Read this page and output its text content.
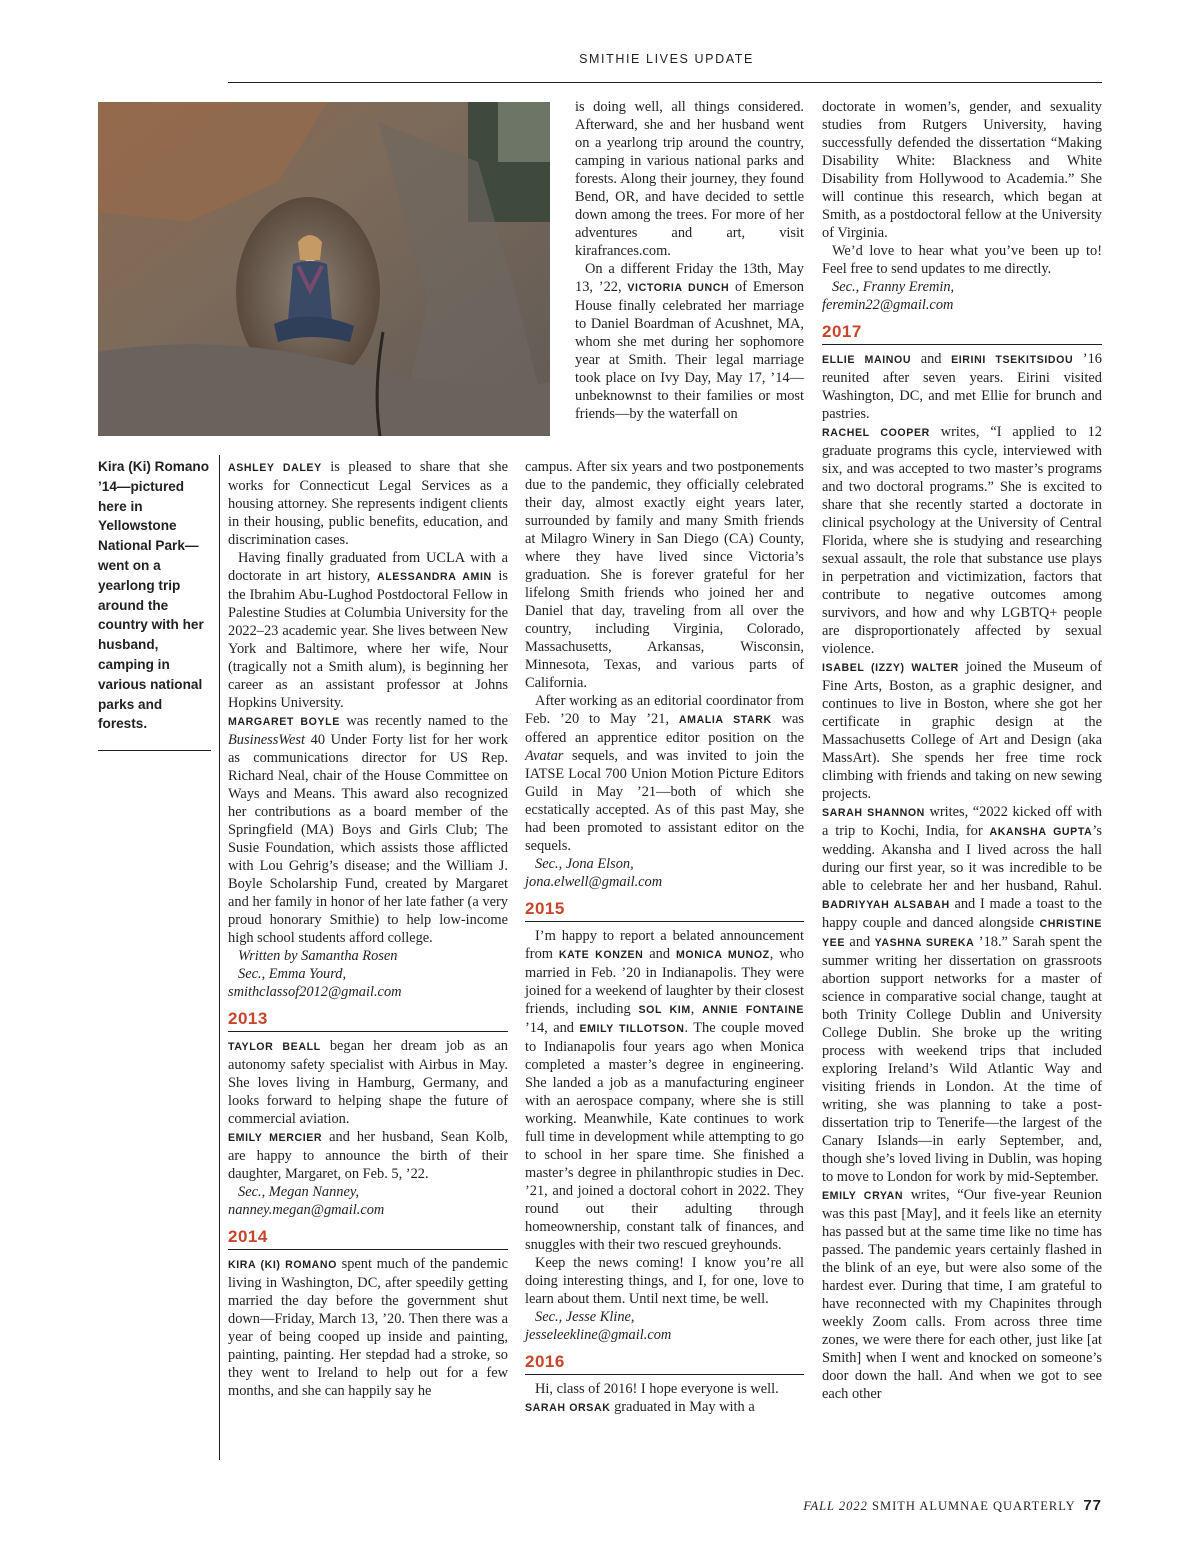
SMITHIE LIVES UPDATE
Kira (Ki) Romano ’14—pictured here in Yellowstone National Park—went on a yearlong trip around the country with her husband, camping in various national parks and forests.

ASHLEY DALEY is pleased to share that she works for Connecticut Legal Services as a housing attorney. She represents indigent clients in their housing, public benefits, education, and discrimination cases.

Having finally graduated from UCLA with a doctorate in art history, ALESSANDRA AMIN is the Ibrahim Abu-Lughod Postdoctoral Fellow in Palestine Studies at Columbia University for the 2022–23 academic year. She lives between New York and Baltimore, where her wife, Nour (tragically not a Smith alum), is beginning her career as an assistant professor at Johns Hopkins University.

MARGARET BOYLE was recently named to the BusinessWest 40 Under Forty list for her work as communications director for US Rep. Richard Neal, chair of the House Committee on Ways and Means. This award also recognized her contributions as a board member of the Springfield (MA) Boys and Girls Club; The Susie Foundation, which assists those afflicted with Lou Gehrig’s disease; and the William J. Boyle Scholarship Fund, created by Margaret and her family in honor of her late father (a very proud honorary Smithie) to help low-income high school students afford college.

Written by Samantha Rosen

Sec., Emma Yourd,

smithclassof2012@gmail.com

2013

TAYLOR BEALL began her dream job as an autonomy safety specialist with Airbus in May. She loves living in Hamburg, Germany, and looks forward to helping shape the future of commercial aviation.

EMILY MERCIER and her husband, Sean Kolb, are happy to announce the birth of their daughter, Margaret, on Feb. 5, ’22.

Sec., Megan Nanney,

nanney.megan@gmail.com

2014

KIRA (KI) ROMANO spent much of the pandemic living in Washington, DC, after speedily getting married the day before the government shut down—Friday, March 13, ’20. Then there was a year of being cooped up inside and painting, painting, painting. Her stepdad had a stroke, so they went to Ireland to help out for a few months, and she can happily say he

is doing well, all things considered. Afterward, she and her husband went on a yearlong trip around the country, camping in various national parks and forests. Along their journey, they found Bend, OR, and have decided to settle down among the trees. For more of her adventures and art, visit kirafrances.com.

On a different Friday the 13th, May 13, ’22, VICTORIA DUNCH of Emerson House finally celebrated her marriage to Daniel Boardman of Acushnet, MA, whom she met during her sophomore year at Smith. Their legal marriage took place on Ivy Day, May 17, ’14—unbeknownst to their families or most friends—by the waterfall on

campus. After six years and two postponements due to the pandemic, they officially celebrated their day, almost exactly eight years later, surrounded by family and many Smith friends at Milagro Winery in San Diego (CA) County, where they have lived since Victoria’s graduation. She is forever grateful for her lifelong Smith friends who joined her and Daniel that day, traveling from all over the country, including Virginia, Colorado, Massachusetts, Arkansas, Wisconsin, Minnesota, Texas, and various parts of California.

After working as an editorial coordinator from Feb. ’20 to May ’21, AMALIA STARK was offered an apprentice editor position on the Avatar sequels, and was invited to join the IATSE Local 700 Union Motion Picture Editors Guild in May ’21—both of which she ecstatically accepted. As of this past May, she had been promoted to assistant editor on the sequels.

Sec., Jona Elson,

jona.elwell@gmail.com

2015

I’m happy to report a belated announcement from KATE KONZEN and MONICA MUNOZ, who married in Feb. ’20 in Indianapolis. They were joined for a weekend of laughter by their closest friends, including SOL KIM, ANNIE FONTAINE ’14, and EMILY TILLOTSON. The couple moved to Indianapolis four years ago when Monica completed a master’s degree in engineering. She landed a job as a manufacturing engineer with an aerospace company, where she is still working. Meanwhile, Kate continues to work full time in development while attempting to go to school in her spare time. She finished a master’s degree in philanthropic studies in Dec. ’21, and joined a doctoral cohort in 2022. They round out their adulting through homeownership, constant talk of finances, and snuggles with their two rescued greyhounds.

Keep the news coming! I know you’re all doing interesting things, and I, for one, love to learn about them. Until next time, be well.

Sec., Jesse Kline,

jesseleekline@gmail.com

2016

Hi, class of 2016! I hope everyone is well.

SARAH ORSAK graduated in May with a

doctorate in women’s, gender, and sexuality studies from Rutgers University, having successfully defended the dissertation “Making Disability White: Blackness and White Disability from Hollywood to Academia.” She will continue this research, which began at Smith, as a postdoctoral fellow at the University of Virginia.

We’d love to hear what you’ve been up to! Feel free to send updates to me directly.

Sec., Franny Eremin,

feremin22@gmail.com

2017

ELLIE MAINOU and EIRINI TSEKITSIDOU ’16 reunited after seven years. Eirini visited Washington, DC, and met Ellie for brunch and pastries.

RACHEL COOPER writes, “I applied to 12 graduate programs this cycle, interviewed with six, and was accepted to two master’s programs and two doctoral programs.” She is excited to share that she recently started a doctorate in clinical psychology at the University of Central Florida, where she is studying and researching sexual assault, the role that substance use plays in perpetration and victimization, factors that contribute to negative outcomes among survivors, and how and why LGBTQ+ people are disproportionately affected by sexual violence.

ISABEL (IZZY) WALTER joined the Museum of Fine Arts, Boston, as a graphic designer, and continues to live in Boston, where she got her certificate in graphic design at the Massachusetts College of Art and Design (aka MassArt). She spends her free time rock climbing with friends and taking on new sewing projects.

SARAH SHANNON writes, “2022 kicked off with a trip to Kochi, India, for AKANSHA GUPTA’s wedding. Akansha and I lived across the hall during our first year, so it was incredible to be able to celebrate her and her husband, Rahul. BADRIYYAH ALSABAH and I made a toast to the happy couple and danced alongside CHRISTINE YEE and YASHNA SUREKA ’18.” Sarah spent the summer writing her dissertation on grassroots abortion support networks for a master of science in comparative social change, taught at both Trinity College Dublin and University College Dublin. She broke up the writing process with weekend trips that included exploring Ireland’s Wild Atlantic Way and visiting friends in London. At the time of writing, she was planning to take a post-dissertation trip to Tenerife—the largest of the Canary Islands—in early September, and, though she’s loved living in Dublin, was hoping to move to London for work by mid-September.

EMILY CRYAN writes, “Our five-year Reunion was this past [May], and it feels like an eternity has passed but at the same time like no time has passed. The pandemic years certainly flashed in the blink of an eye, but were also some of the hardest ever. During that time, I am grateful to have reconnected with my Chapinites through weekly Zoom calls. From across three time zones, we were there for each other, just like [at Smith] when I went and knocked on someone’s door down the hall. And when we got to see each other

FALL 2022 SMITH ALUMNAE QUARTERLY 77
